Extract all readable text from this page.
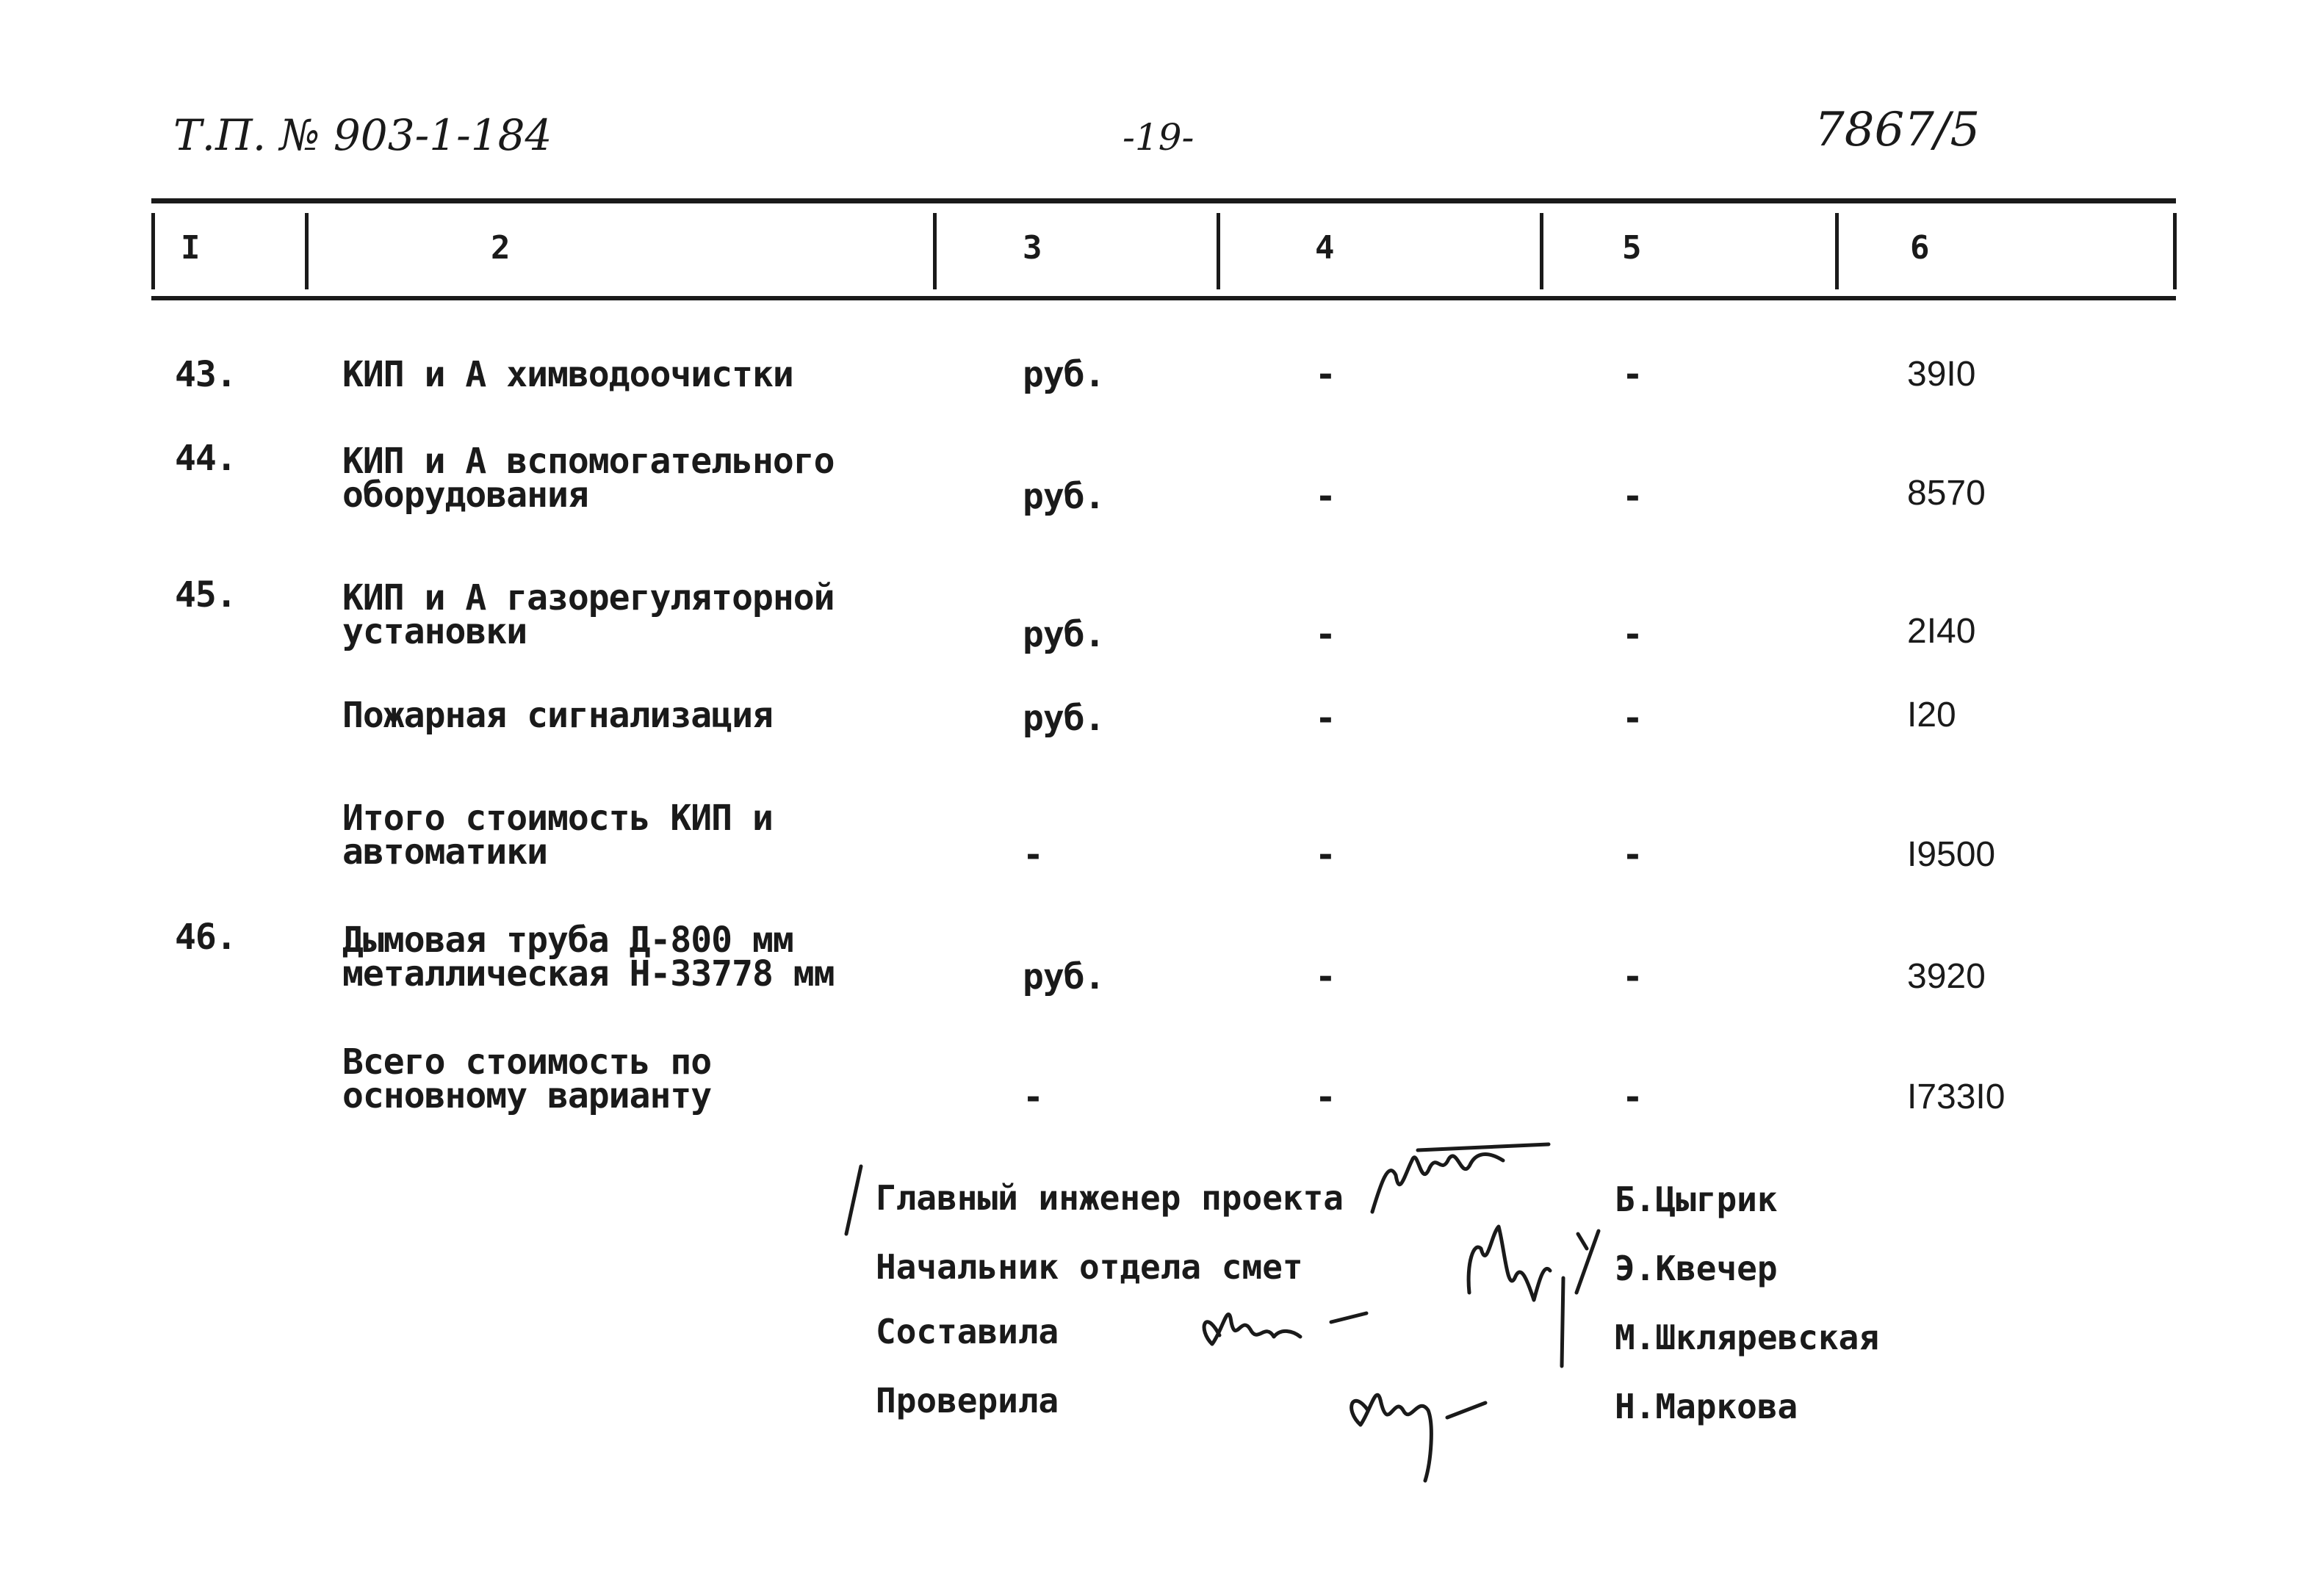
Т.П. № 903-1-184	-19-	7867/5
I	2	3	4	5	6
43.	КИП и А химводоочистки	руб.	-	-	39I0
44.	КИП и А вспомогательного
оборудования	руб.	-	-	8570
45.	КИП и А газорегуляторной
установки	руб.	-	-	2I40
Пожарная сигнализация	руб.	-	-	I20
Итого стоимость КИП и
автоматики	-	-	-	I9500
46.	Дымовая труба Д-800 мм
металлическая Н-33778 мм	руб.	-	-	3920
Всего стоимость по
основному варианту	-	-	-	I733I0
Главный инженер проекта	Б.Цыгрик
Начальник отдела смет	Э.Квечер
Составила	М.Шкляревская
Проверила	Н.Маркова
